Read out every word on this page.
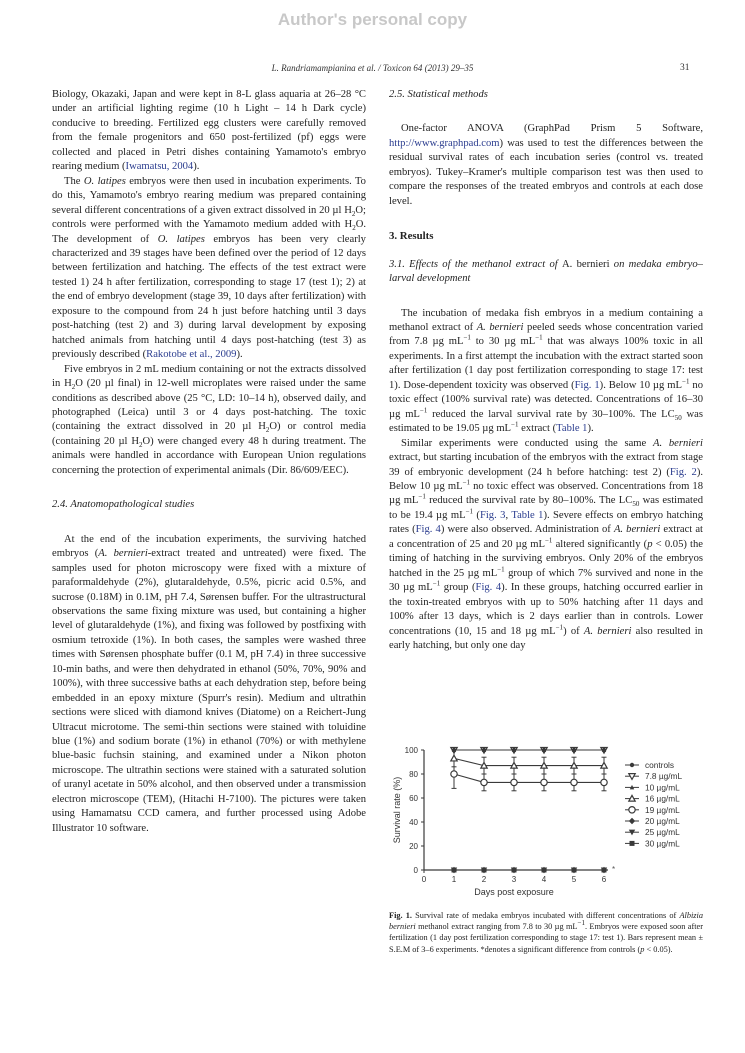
Author's personal copy
L. Randriamampianina et al. / Toxicon 64 (2013) 29–35	31

Biology, Okazaki, Japan and were kept in 8-L glass aquaria at 26–28 °C under an artificial lighting regime (10 h Light – 14 h Dark cycle) conducive to breeding. Fertilized egg clusters were carefully removed from the female progenitors and 650 post-fertilized (pf) eggs were collected and placed in Petri dishes containing Yamamoto's embryo rearing medium (Iwamatsu, 2004).

The O. latipes embryos were then used in incubation experiments. To do this, Yamamoto's embryo rearing medium was prepared containing several different concentrations of a given extract dissolved in 20 µl $H_2O$; controls were performed with the Yamamoto medium added with $H_2O$. The development of O. latipes embryos has been very clearly characterized and 39 stages have been defined over the period of 12 days between fertilization and hatching. The effects of the test extract were tested 1) 24 h after fertilization, corresponding to stage 17 (test 1); 2) at the end of embryo development (stage 39, 10 days after fertilization) with exposure to the compound from 24 h just before hatching until 3 days post-hatching (test 2) and 3) during larval development by exposing hatched animals from hatching until 4 days post-hatching (test 3) as previously described (Rakotobe et al., 2009).

Five embryos in 2 mL medium containing or not the extracts dissolved in $H_2O$ (20 µl final) in 12-well microplates were raised under the same conditions as described above (25 °C, LD: 10–14 h), observed daily, and photographed (Leica) until 3 or 4 days post-hatching. The toxic (containing the extract dissolved in 20 µl $H_2O$) or control media (containing 20 µl $H_2O$) were changed every 48 h during treatment. The animals were handled in accordance with European Union regulations concerning the protection of experimental animals (Dir. 86/609/EEC).

2.4. Anatomopathological studies

At the end of the incubation experiments, the surviving hatched embryos (A. bernieri-extract treated and untreated) were fixed. The samples used for photon microscopy were fixed with a mixture of paraformaldehyde (2%), glutaraldehyde, 0.5%, picric acid 0.5%, and sucrose (0.18M) in 0.1M, pH 7.4, Sørensen buffer. For the ultrastructural observations the same fixing mixture was used, but containing a higher level of glutaraldehyde (1%), and fixing was followed by postfixing with osmium tetroxide (1%). In both cases, the samples were washed three times with Sørensen phosphate buffer (0.1 M, pH 7.4) in three successive 10-min baths, and were then dehydrated in ethanol (50%, 70%, 90% and 100%), with three successive baths at each dehydration step, before being embedded in an epoxy mixture (Spurr's resin). Medium and ultrathin sections were sliced with diamond knives (Diatome) on a Reichert-Jung Ultracut microtome. The semi-thin sections were stained with toluidine blue (1%) and sodium borate (1%) in ethanol (70%) or with methylene blue-basic fuchsin staining, and examined under a Nikon photon microscope. The ultrathin sections were stained with a saturated solution of uranyl acetate in 50% alcohol, and then observed under a transmission electron microscope (TEM), (Hitachi H-7100). The pictures were taken using Hamamatsu CCD camera, and further processed using Adobe Illustrator 10 software.

2.5. Statistical methods

One-factor ANOVA (GraphPad Prism 5 Software, http://www.graphpad.com) was used to test the differences between the residual survival rates of each incubation series (control vs. treated embryos). Tukey–Kramer's multiple comparison test was then used to compare the responses of the treated embryos and controls at each dose level.

3. Results

3.1. Effects of the methanol extract of A. bernieri on medaka embryo–larval development

The incubation of medaka fish embryos in a medium containing a methanol extract of A. bernieri peeled seeds whose concentration varied from 7.8 µg $mL^{-1}$ to 30 µg $mL^{-1}$ that was always 100% toxic in all experiments. In a first attempt the incubation with the extract started soon after fertilization (1 day post fertilization corresponding to stage 17: test 1). Dose-dependent toxicity was observed (Fig. 1). Below 10 µg $mL^{-1}$ no toxic effect (100% survival rate) was detected. Concentrations of 16–30 µg $mL^{-1}$ reduced the larval survival rate by 30–100%. The $LC_{50}$ was estimated to be 19.05 µg $mL^{-1}$ extract (Table 1).

Similar experiments were conducted using the same A. bernieri extract, but starting incubation of the embryos with the extract from stage 39 of embryonic development (24 h before hatching: test 2) (Fig. 2). Below 10 µg $mL^{-1}$ no toxic effect was observed. Concentrations from 18 µg $mL^{-1}$ reduced the survival rate by 80–100%. The $LC_{50}$ was estimated to be 19.4 µg $mL^{-1}$ (Fig. 3, Table 1). Severe effects on embryo hatching rates (Fig. 4) were also observed. Administration of A. bernieri extract at a concentration of 25 and 20 µg $mL^{-1}$ altered significantly (p < 0.05) the timing of hatching in the surviving embryos. Only 20% of the embryos hatched in the 25 µg $mL^{-1}$ group of which 7% survived and none in the 30 µg $mL^{-1}$ group (Fig. 4). In these groups, hatching occurred earlier in the toxin-treated embryos with up to 50% hatching after 11 days and 100% after 13 days, which is 2 days earlier than in controls. Lower concentrations (10, 15 and 18 µg $mL^{-1}$) of A. bernieri also resulted in early hatching, but only one day

0
20
40
60
80
100
0	1	2	3	4	5	6
Days post exposure
Survival rate (%)
*
controls
7.8 µg/mL
10 µg/mL
16 µg/mL
19 µg/mL
20 µg/mL
25 µg/mL
30 µg/mL
Fig. 1. Survival rate of medaka embryos incubated with different concentrations of Albizia bernieri methanol extract ranging from 7.8 to 30 µg $mL^{-1}$. Embryos were exposed soon after fertilization (1 day post fertilization corresponding to stage 17: test 1). Bars represent mean ± S.E.M of 3–6 experiments. *denotes a significant difference from controls (p < 0.05).
